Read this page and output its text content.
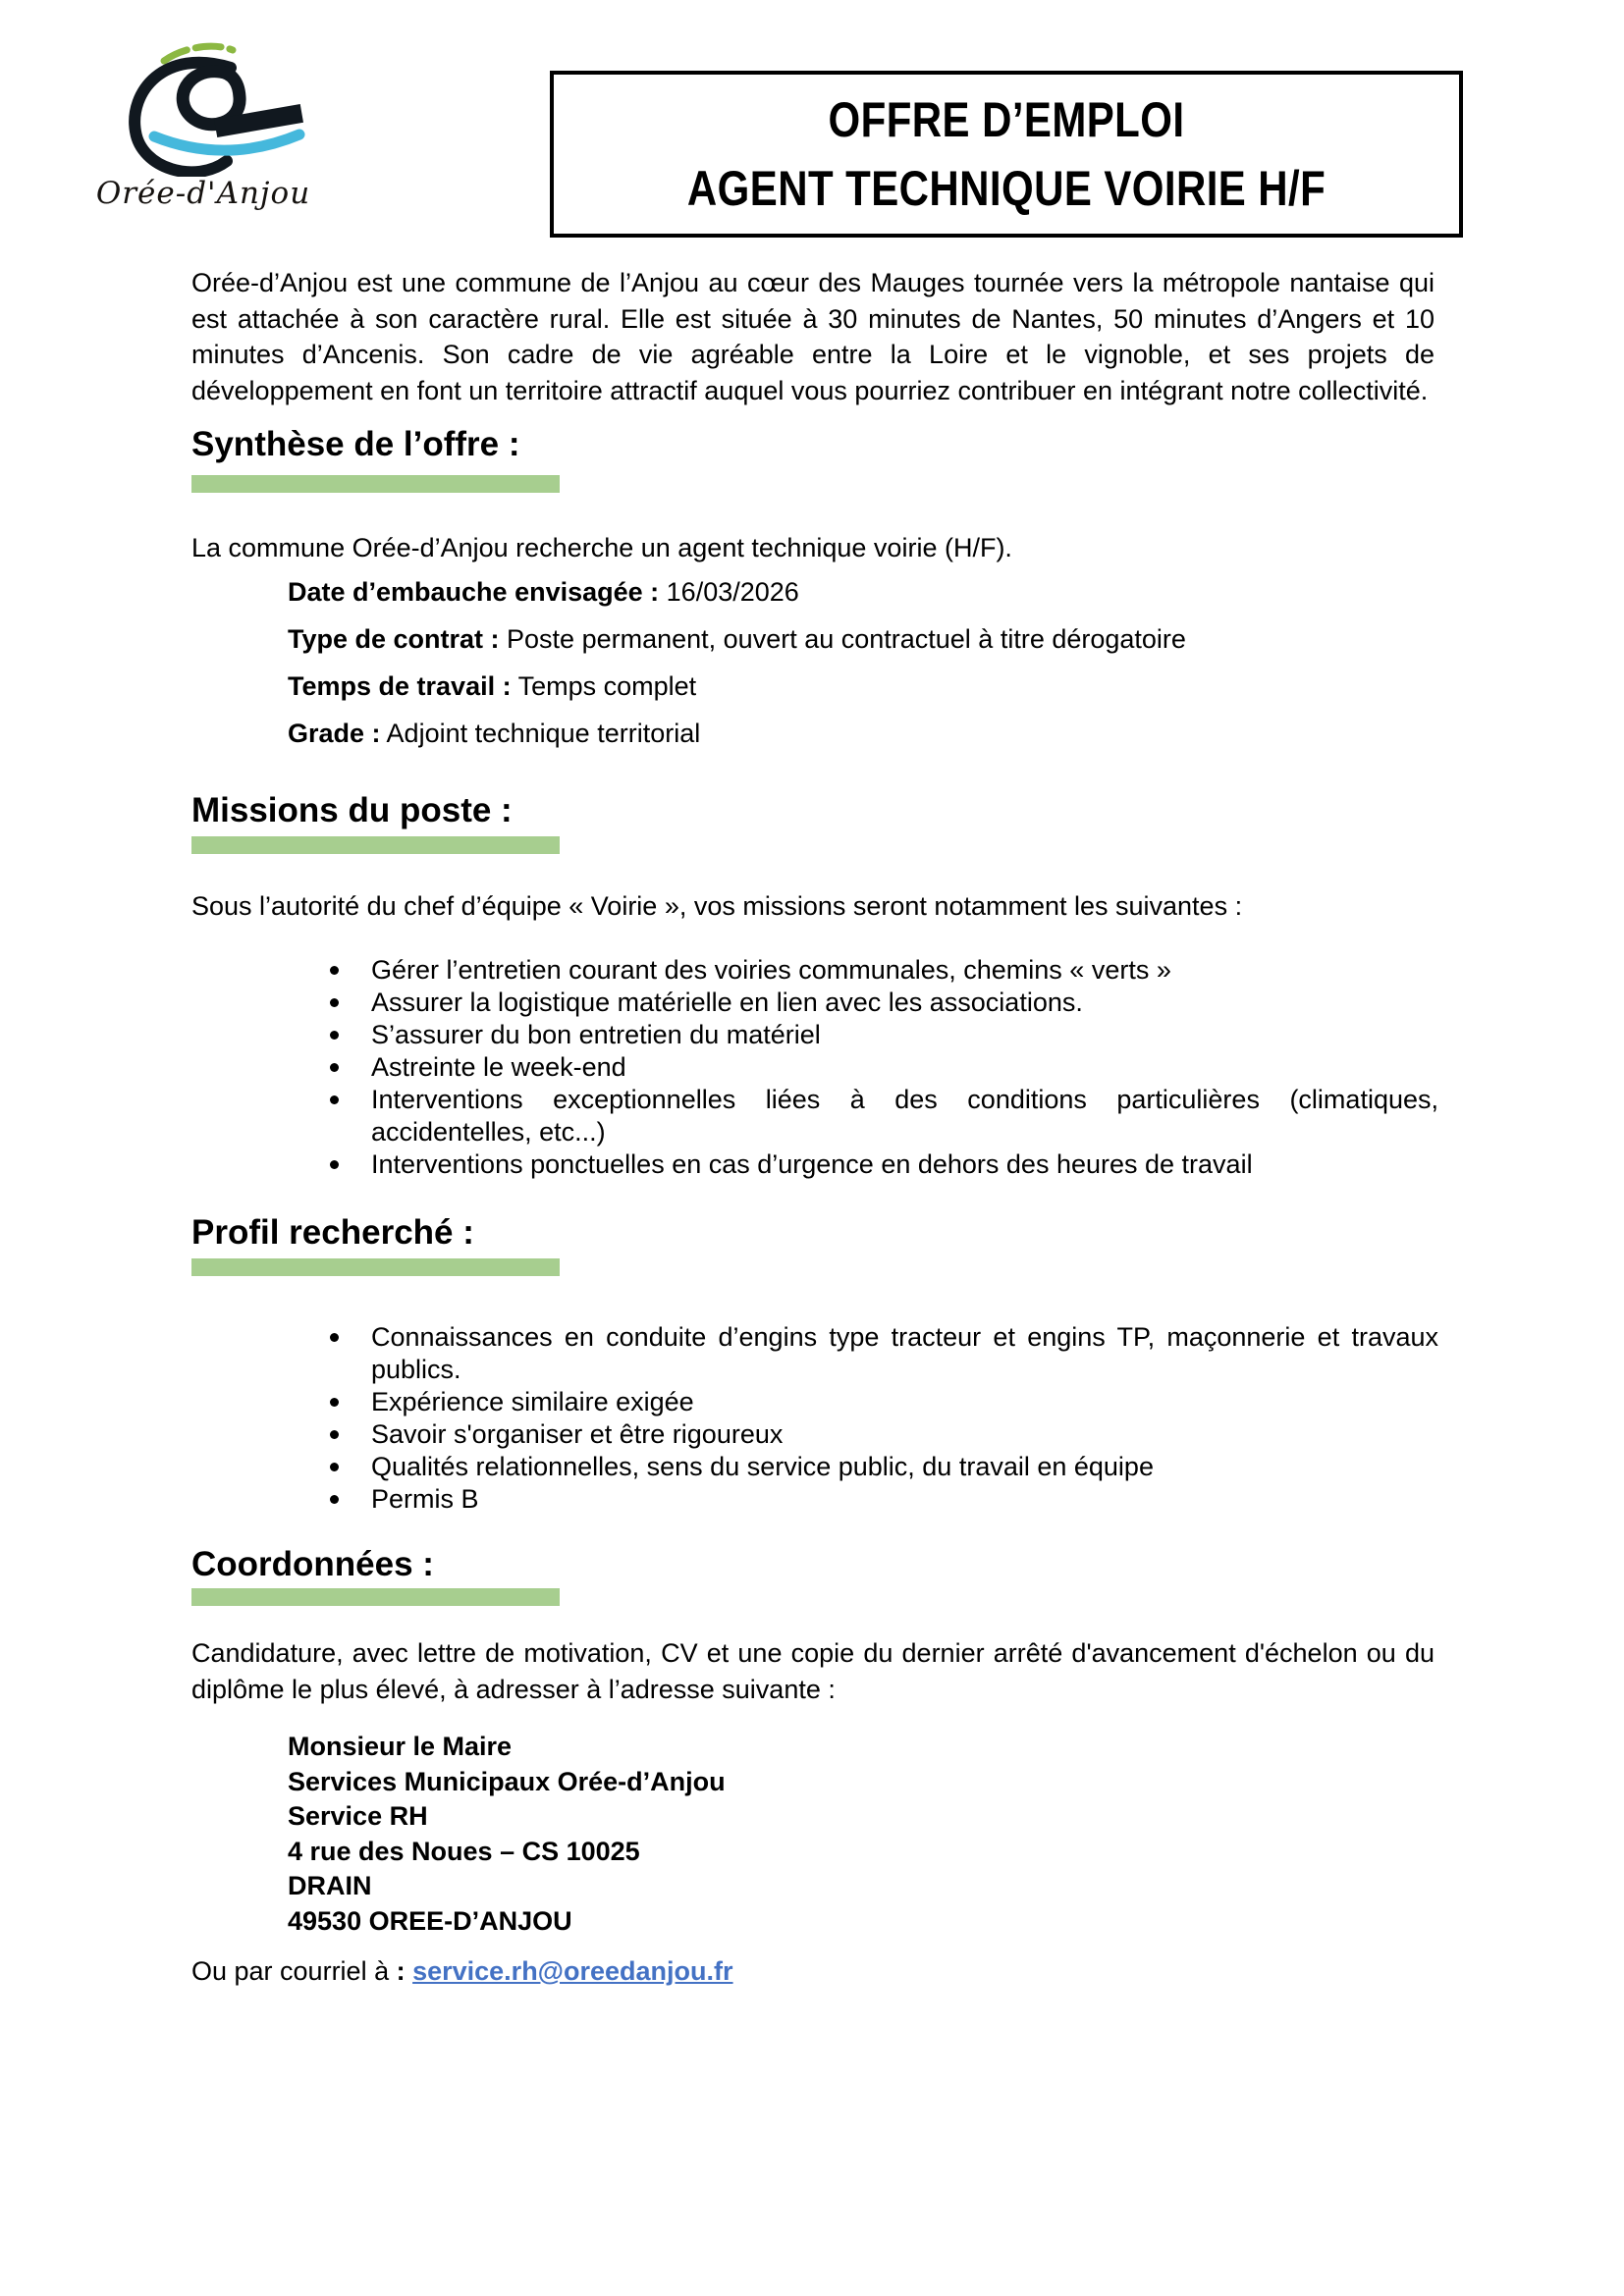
Orée-d'Anjou
OFFRE D’EMPLOI
AGENT TECHNIQUE VOIRIE H/F
Orée-d’Anjou est une commune de l’Anjou au cœur des Mauges tournée vers la métropole nantaise qui est attachée à son caractère rural. Elle est située à 30 minutes de Nantes, 50 minutes d’Angers et 10 minutes d’Ancenis. Son cadre de vie agréable entre la Loire et le vignoble, et ses projets de développement en font un territoire attractif auquel vous pourriez contribuer en intégrant notre collectivité.
Synthèse de l’offre :
La commune Orée-d’Anjou recherche un agent technique voirie (H/F).

Date d’embauche envisagée : 16/03/2026

Type de contrat : Poste permanent, ouvert au contractuel à titre dérogatoire

Temps de travail : Temps complet

Grade : Adjoint technique territorial

Missions du poste :
Sous l’autorité du chef d’équipe « Voirie », vos missions seront notamment les suivantes :
Gérer l’entretien courant des voiries communales, chemins « verts »
Assurer la logistique matérielle en lien avec les associations.
S’assurer du bon entretien du matériel
Astreinte le week-end
Interventions exceptionnelles liées à des conditions particulières (climatiques, accidentelles, etc...)
Interventions ponctuelles en cas d’urgence en dehors des heures de travail
Profil recherché :
Connaissances en conduite d’engins type tracteur et engins TP, maçonnerie et travaux publics.
Expérience similaire exigée
Savoir s'organiser et être rigoureux
Qualités relationnelles, sens du service public, du travail en équipe
Permis B
Coordonnées :
Candidature, avec lettre de motivation, CV et une copie du dernier arrêté d'avancement d'échelon ou du diplôme le plus élevé, à adresser à l’adresse suivante :

Monsieur le Maire

Services Municipaux Orée-d’Anjou

Service RH

4 rue des Noues – CS 10025

DRAIN

49530 OREE-D’ANJOU

Ou par courriel à : service.rh@oreedanjou.fr
